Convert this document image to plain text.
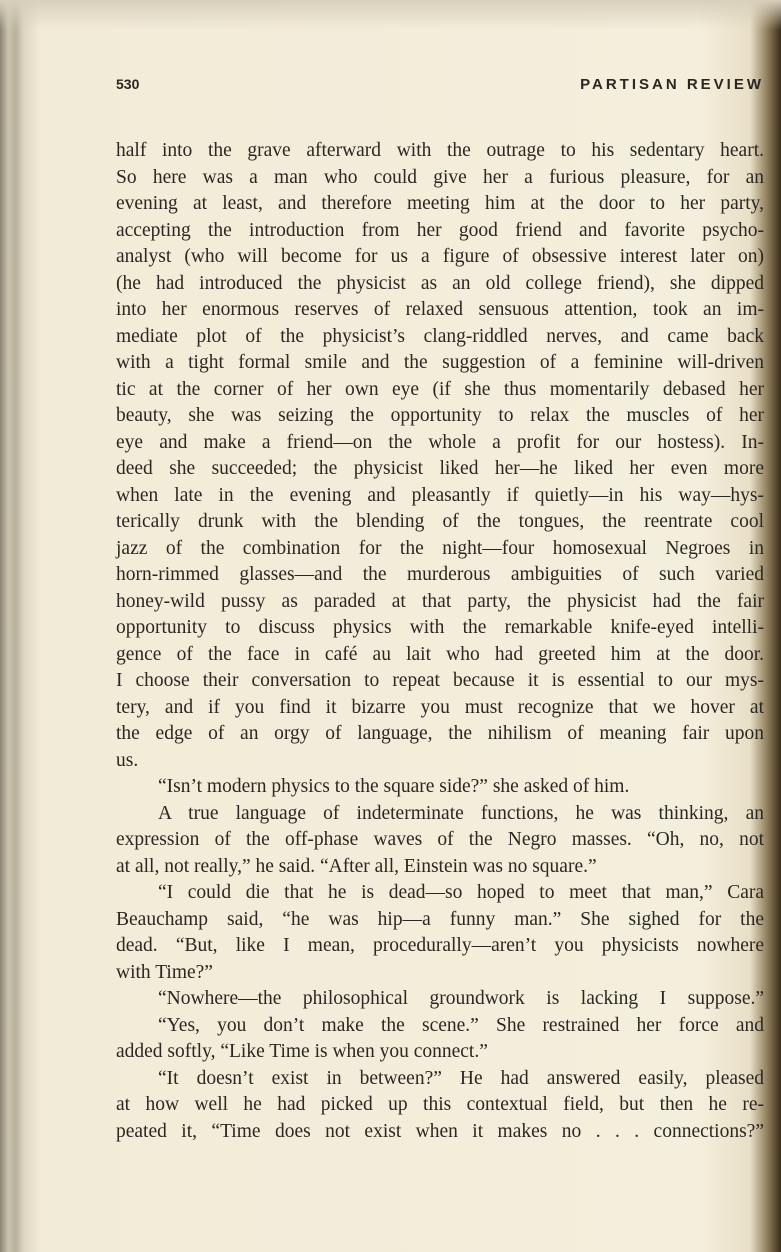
530	PARTISAN REVIEW
half into the grave afterward with the outrage to his sedentary heart.
So here was a man who could give her a furious pleasure, for an
evening at least, and therefore meeting him at the door to her party,
accepting the introduction from her good friend and favorite psycho-
analyst (who will become for us a figure of obsessive interest later on)
(he had introduced the physicist as an old college friend), she dipped
into her enormous reserves of relaxed sensuous attention, took an im-
mediate plot of the physicist’s clang-riddled nerves, and came back
with a tight formal smile and the suggestion of a feminine will-driven
tic at the corner of her own eye (if she thus momentarily debased her
beauty, she was seizing the opportunity to relax the muscles of her
eye and make a friend—on the whole a profit for our hostess). In-
deed she succeeded; the physicist liked her—he liked her even more
when late in the evening and pleasantly if quietly—in his way—hys-
terically drunk with the blending of the tongues, the reentrate cool
jazz of the combination for the night—four homosexual Negroes in
horn-rimmed glasses—and the murderous ambiguities of such varied
honey-wild pussy as paraded at that party, the physicist had the fair
opportunity to discuss physics with the remarkable knife-eyed intelli-
gence of the face in café au lait who had greeted him at the door.
I choose their conversation to repeat because it is essential to our mys-
tery, and if you find it bizarre you must recognize that we hover at
the edge of an orgy of language, the nihilism of meaning fair upon
us.
“Isn’t modern physics to the square side?” she asked of him.
A true language of indeterminate functions, he was thinking, an
expression of the off-phase waves of the Negro masses. “Oh, no, not
at all, not really,” he said. “After all, Einstein was no square.”
“I could die that he is dead—so hoped to meet that man,” Cara
Beauchamp said, “he was hip—a funny man.” She sighed for the
dead. “But, like I mean, procedurally—aren’t you physicists nowhere
with Time?”
“Nowhere—the philosophical groundwork is lacking I suppose.”
“Yes, you don’t make the scene.” She restrained her force and
added softly, “Like Time is when you connect.”
“It doesn’t exist in between?” He had answered easily, pleased
at how well he had picked up this contextual field, but then he re-
peated it, “Time does not exist when it makes no . . . connections?”
